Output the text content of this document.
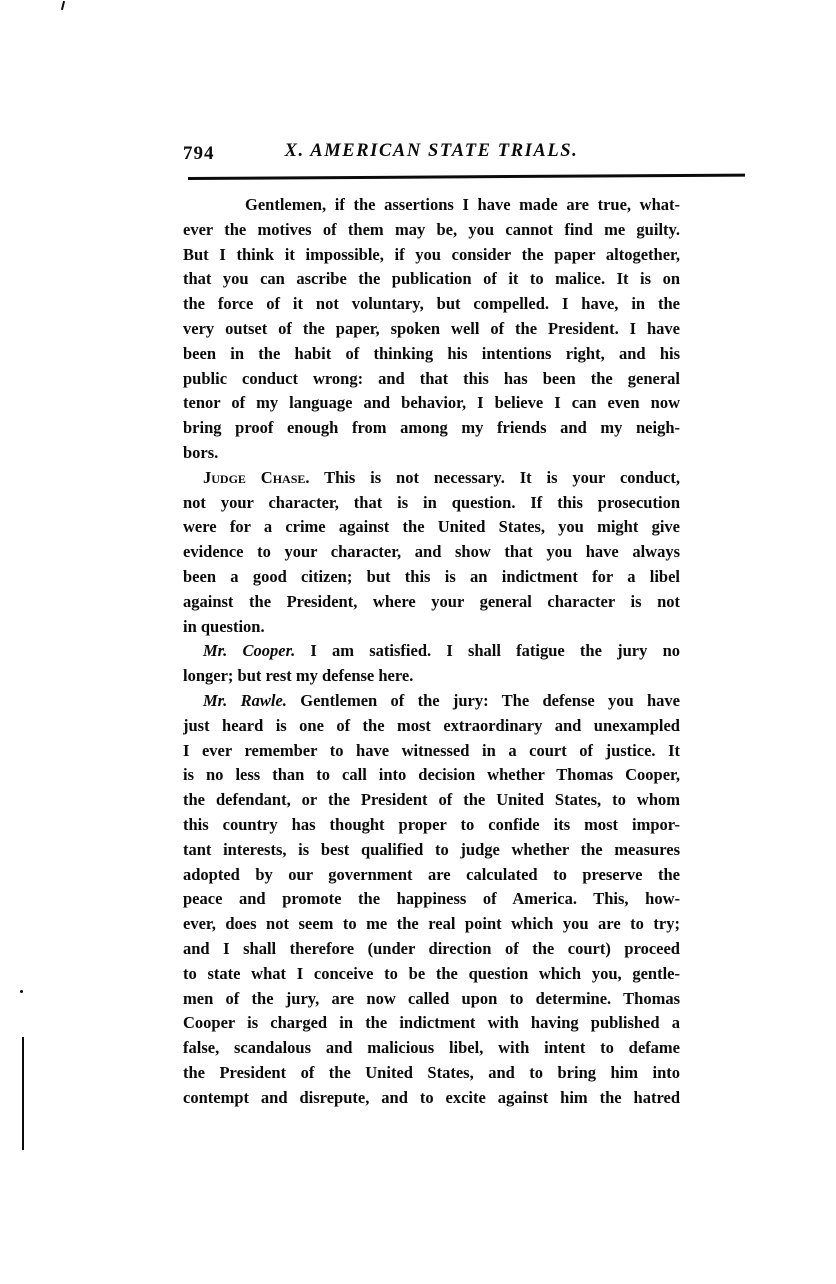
X. AMERICAN STATE TRIALS.
794
Gentlemen, if the assertions I have made are true, what-
ever the motives of them may be, you cannot find me guilty.
But I think it impossible, if you consider the paper altogether,
that you can ascribe the publication of it to malice. It is on
the force of it not voluntary, but compelled. I have, in the
very outset of the paper, spoken well of the President. I have
been in the habit of thinking his intentions right, and his
public conduct wrong: and that this has been the general
tenor of my language and behavior, I believe I can even now
bring proof enough from among my friends and my neigh-
bors.
Judge Chase. This is not necessary. It is your conduct,
not your character, that is in question. If this prosecution
were for a crime against the United States, you might give
evidence to your character, and show that you have always
been a good citizen; but this is an indictment for a libel
against the President, where your general character is not
in question.
Mr. Cooper. I am satisfied. I shall fatigue the jury no
longer; but rest my defense here.
Mr. Rawle. Gentlemen of the jury: The defense you have
just heard is one of the most extraordinary and unexampled
I ever remember to have witnessed in a court of justice. It
is no less than to call into decision whether Thomas Cooper,
the defendant, or the President of the United States, to whom
this country has thought proper to confide its most impor-
tant interests, is best qualified to judge whether the measures
adopted by our government are calculated to preserve the
peace and promote the happiness of America. This, how-
ever, does not seem to me the real point which you are to try;
and I shall therefore (under direction of the court) proceed
to state what I conceive to be the question which you, gentle-
men of the jury, are now called upon to determine. Thomas
Cooper is charged in the indictment with having published a
false, scandalous and malicious libel, with intent to defame
the President of the United States, and to bring him into
contempt and disrepute, and to excite against him the hatred
